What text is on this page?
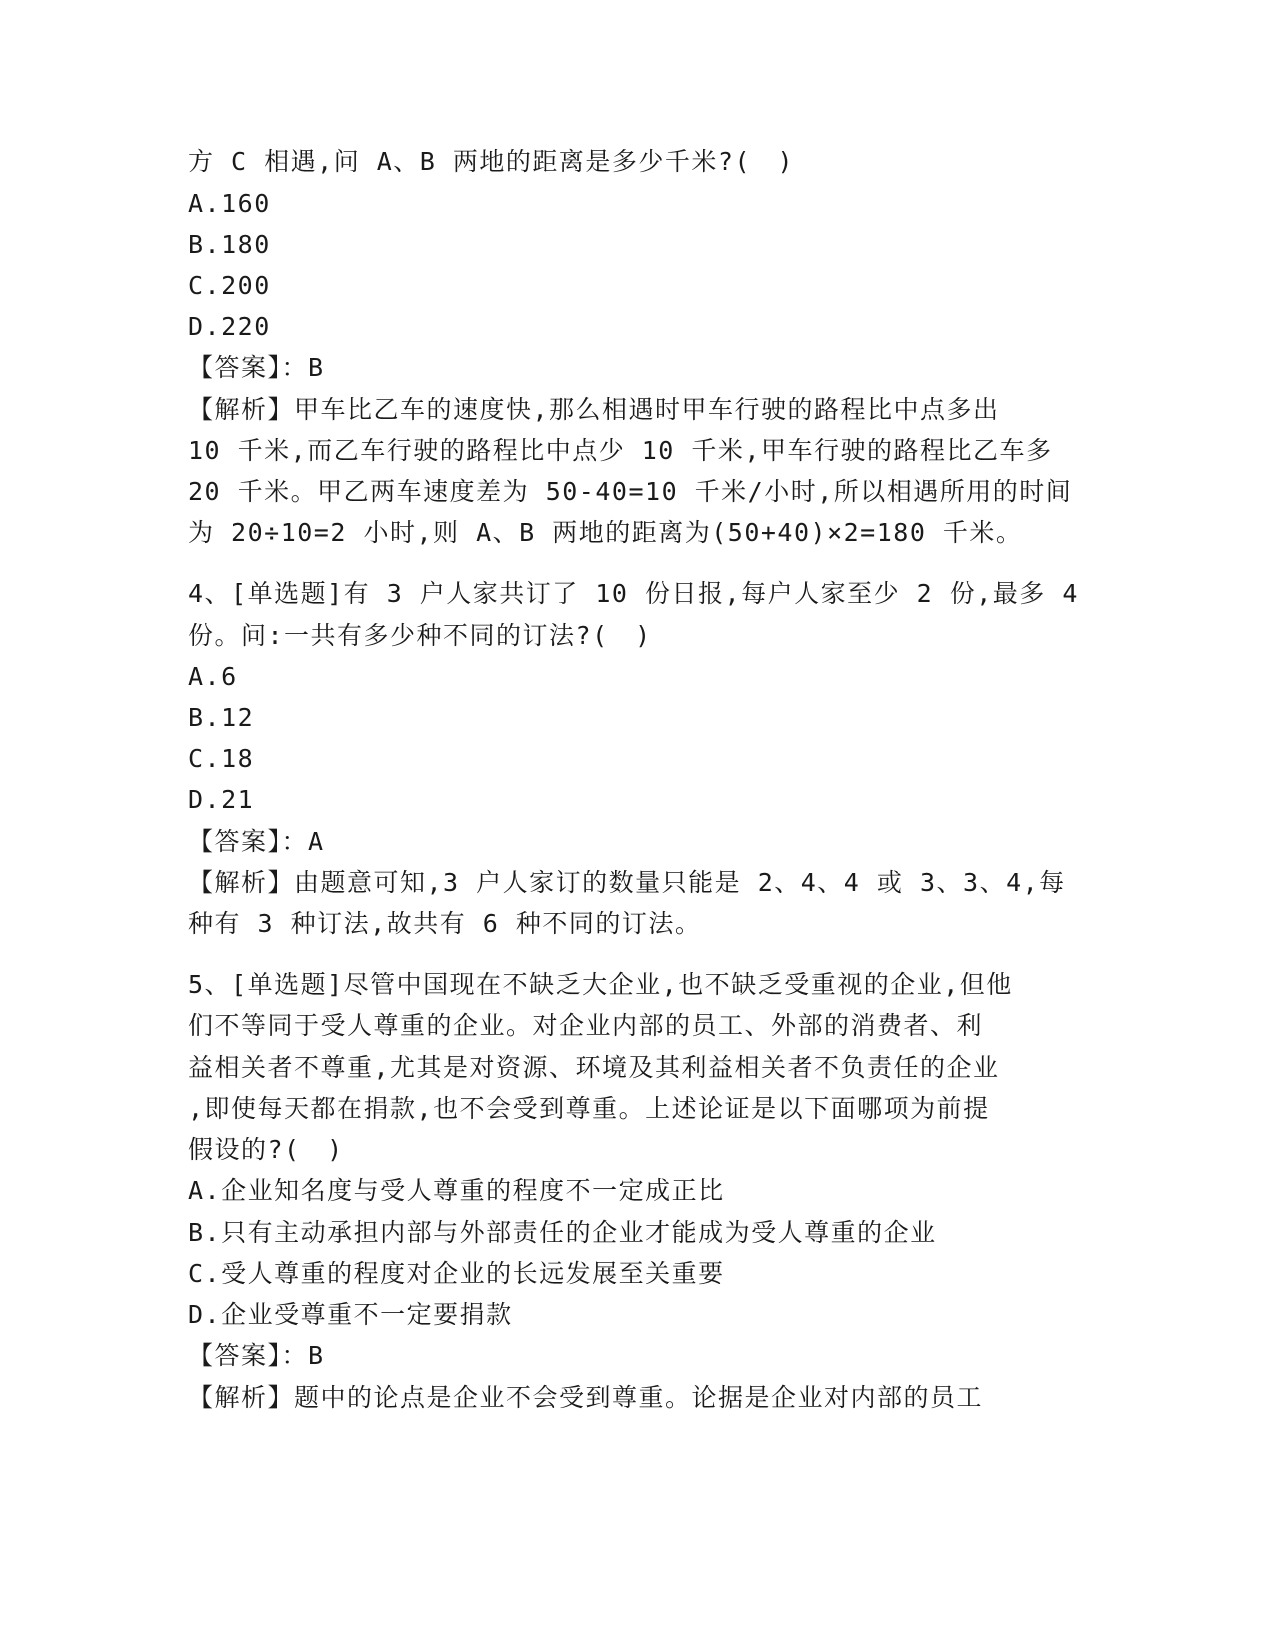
方 C 相遇,问 A、B 两地的距离是多少千米?(　)
A.160
B.180
C.200
D.220
【答案】：B
【解析】甲车比乙车的速度快,那么相遇时甲车行驶的路程比中点多出
10 千米,而乙车行驶的路程比中点少 10 千米,甲车行驶的路程比乙车多
20 千米。甲乙两车速度差为 50-40=10 千米/小时,所以相遇所用的时间
为 20÷10=2 小时,则 A、B 两地的距离为(50+40)×2=180 千米。
4、[单选题]有 3 户人家共订了 10 份日报,每户人家至少 2 份,最多 4
份。问:一共有多少种不同的订法?(　)
A.6
B.12
C.18
D.21
【答案】：A
【解析】由题意可知,3 户人家订的数量只能是 2、4、4 或 3、3、4,每
种有 3 种订法,故共有 6 种不同的订法。
5、[单选题]尽管中国现在不缺乏大企业,也不缺乏受重视的企业,但他
们不等同于受人尊重的企业。对企业内部的员工、外部的消费者、利
益相关者不尊重,尤其是对资源、环境及其利益相关者不负责任的企业
,即使每天都在捐款,也不会受到尊重。上述论证是以下面哪项为前提
假设的?(　)
A.企业知名度与受人尊重的程度不一定成正比
B.只有主动承担内部与外部责任的企业才能成为受人尊重的企业
C.受人尊重的程度对企业的长远发展至关重要
D.企业受尊重不一定要捐款
【答案】：B
【解析】题中的论点是企业不会受到尊重。论据是企业对内部的员工
